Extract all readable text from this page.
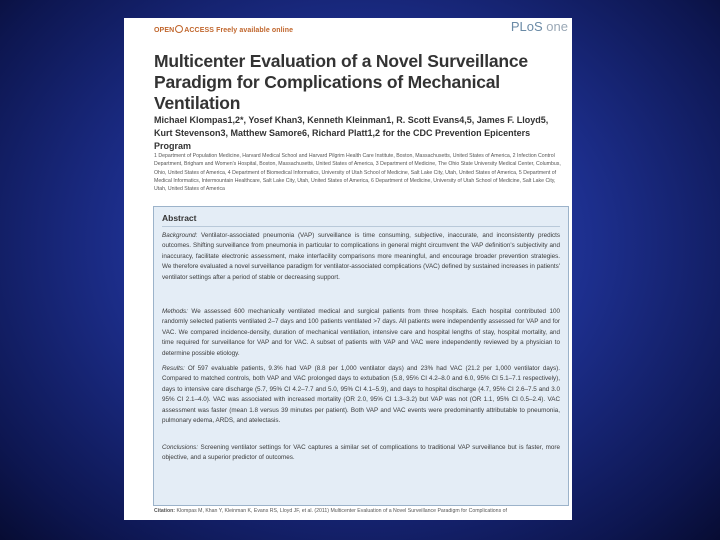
OPEN ACCESS Freely available online	PLoS one
Multicenter Evaluation of a Novel Surveillance Paradigm for Complications of Mechanical Ventilation
Michael Klompas1,2*, Yosef Khan3, Kenneth Kleinman1, R. Scott Evans4,5, James F. Lloyd5, Kurt Stevenson3, Matthew Samore6, Richard Platt1,2 for the CDC Prevention Epicenters Program
1 Department of Population Medicine, Harvard Medical School and Harvard Pilgrim Health Care Institute, Boston, Massachusetts, United States of America, 2 Infection Control Department, Brigham and Women's Hospital, Boston, Massachusetts, United States of America, 3 Department of Medicine, The Ohio State University Medical Center, Columbus, Ohio, United States of America, 4 Department of Biomedical Informatics, University of Utah School of Medicine, Salt Lake City, Utah, United States of America, 5 Department of Medical Informatics, Intermountain Healthcare, Salt Lake City, Utah, United States of America, 6 Department of Medicine, University of Utah School of Medicine, Salt Lake City, Utah, United States of America
Abstract
Background: Ventilator-associated pneumonia (VAP) surveillance is time consuming, subjective, inaccurate, and inconsistently predicts outcomes. Shifting surveillance from pneumonia in particular to complications in general might circumvent the VAP definition's subjectivity and inaccuracy, facilitate electronic assessment, make interfacility comparisons more meaningful, and encourage broader prevention strategies. We therefore evaluated a novel surveillance paradigm for ventilator-associated complications (VAC) defined by sustained increases in patients' ventilator settings after a period of stable or decreasing support.
Methods: We assessed 600 mechanically ventilated medical and surgical patients from three hospitals. Each hospital contributed 100 randomly selected patients ventilated 2–7 days and 100 patients ventilated >7 days. All patients were independently assessed for VAP and for VAC. We compared incidence-density, duration of mechanical ventilation, intensive care and hospital lengths of stay, hospital mortality, and time required for surveillance for VAP and for VAC. A subset of patients with VAP and VAC were independently reviewed by a physician to determine possible etiology.
Results: Of 597 evaluable patients, 9.3% had VAP (8.8 per 1,000 ventilator days) and 23% had VAC (21.2 per 1,000 ventilator days). Compared to matched controls, both VAP and VAC prolonged days to extubation (5.8, 95% CI 4.2–8.0 and 6.0, 95% CI 5.1–7.1 respectively), days to intensive care discharge (5.7, 95% CI 4.2–7.7 and 5.0, 95% CI 4.1–5.9), and days to hospital discharge (4.7, 95% CI 2.6–7.5 and 3.0 95% CI 2.1–4.0). VAC was associated with increased mortality (OR 2.0, 95% CI 1.3–3.2) but VAP was not (OR 1.1, 95% CI 0.5–2.4). VAC assessment was faster (mean 1.8 versus 39 minutes per patient). Both VAP and VAC events were predominantly attributable to pneumonia, pulmonary edema, ARDS, and atelectasis.
Conclusions: Screening ventilator settings for VAC captures a similar set of complications to traditional VAP surveillance but is faster, more objective, and a superior predictor of outcomes.
Citation: Klompas M, Khan Y, Kleinman K, Evans RS, Lloyd JF, et al. (2011) Multicenter Evaluation of a Novel Surveillance Paradigm for Complications of
